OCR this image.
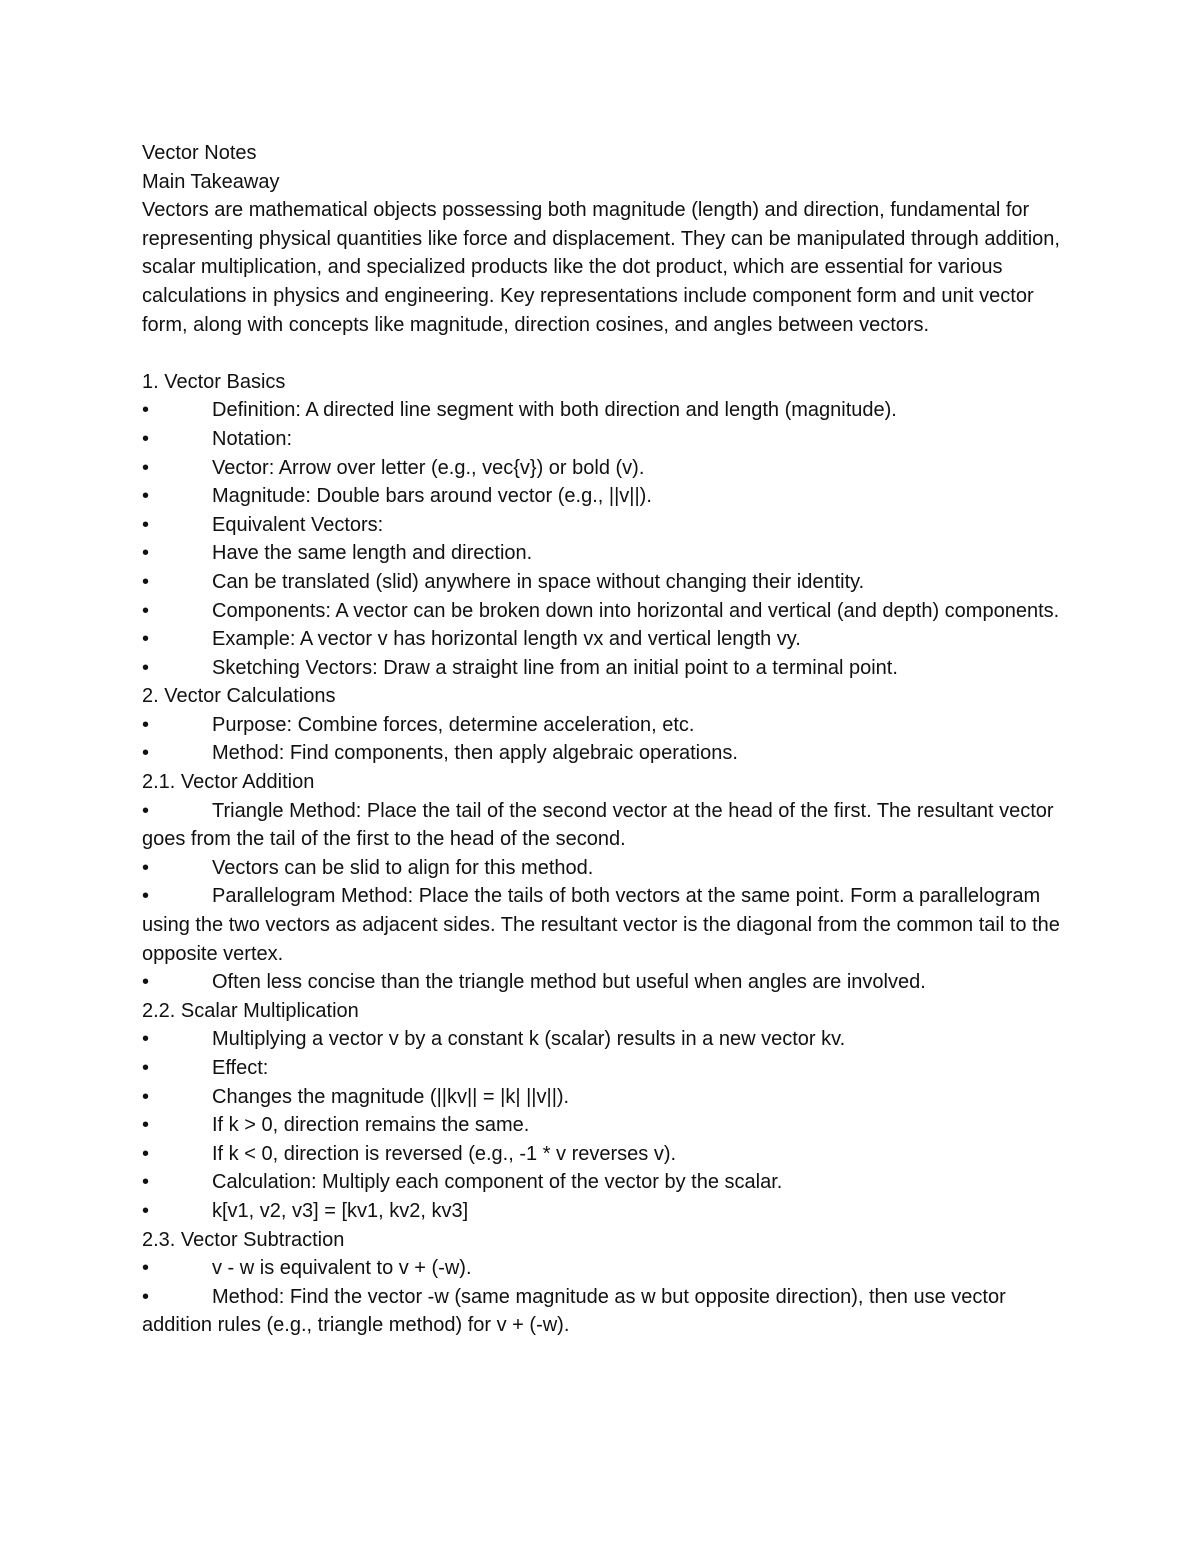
Vector Notes

Main Takeaway

Vectors are mathematical objects possessing both magnitude (length) and direction, fundamental for representing physical quantities like force and displacement. They can be manipulated through addition, scalar multiplication, and specialized products like the dot product, which are essential for various calculations in physics and engineering. Key representations include component form and unit vector form, along with concepts like magnitude, direction cosines, and angles between vectors.

1. Vector Basics

•	Definition: A directed line segment with both direction and length (magnitude).

•	Notation:

•	Vector: Arrow over letter (e.g., vec{v}) or bold (v).

•	Magnitude: Double bars around vector (e.g., ||v||).

•	Equivalent Vectors:

•	Have the same length and direction.

•	Can be translated (slid) anywhere in space without changing their identity.

•	Components: A vector can be broken down into horizontal and vertical (and depth) components.

•	Example: A vector v has horizontal length vx and vertical length vy.

•	Sketching Vectors: Draw a straight line from an initial point to a terminal point.

2. Vector Calculations

•	Purpose: Combine forces, determine acceleration, etc.

•	Method: Find components, then apply algebraic operations.

2.1. Vector Addition

•	Triangle Method: Place the tail of the second vector at the head of the first. The resultant vector goes from the tail of the first to the head of the second.

•	Vectors can be slid to align for this method.

•	Parallelogram Method: Place the tails of both vectors at the same point. Form a parallelogram using the two vectors as adjacent sides. The resultant vector is the diagonal from the common tail to the opposite vertex.

•	Often less concise than the triangle method but useful when angles are involved.

2.2. Scalar Multiplication

•	Multiplying a vector v by a constant k (scalar) results in a new vector kv.

•	Effect:

•	Changes the magnitude (||kv|| = |k| ||v||).

•	If k > 0, direction remains the same.

•	If k < 0, direction is reversed (e.g., -1 * v reverses v).

•	Calculation: Multiply each component of the vector by the scalar.

•	k[v1, v2, v3] = [kv1, kv2, kv3]

2.3. Vector Subtraction

•	v - w is equivalent to v + (-w).

•	Method: Find the vector -w (same magnitude as w but opposite direction), then use vector addition rules (e.g., triangle method) for v + (-w).
